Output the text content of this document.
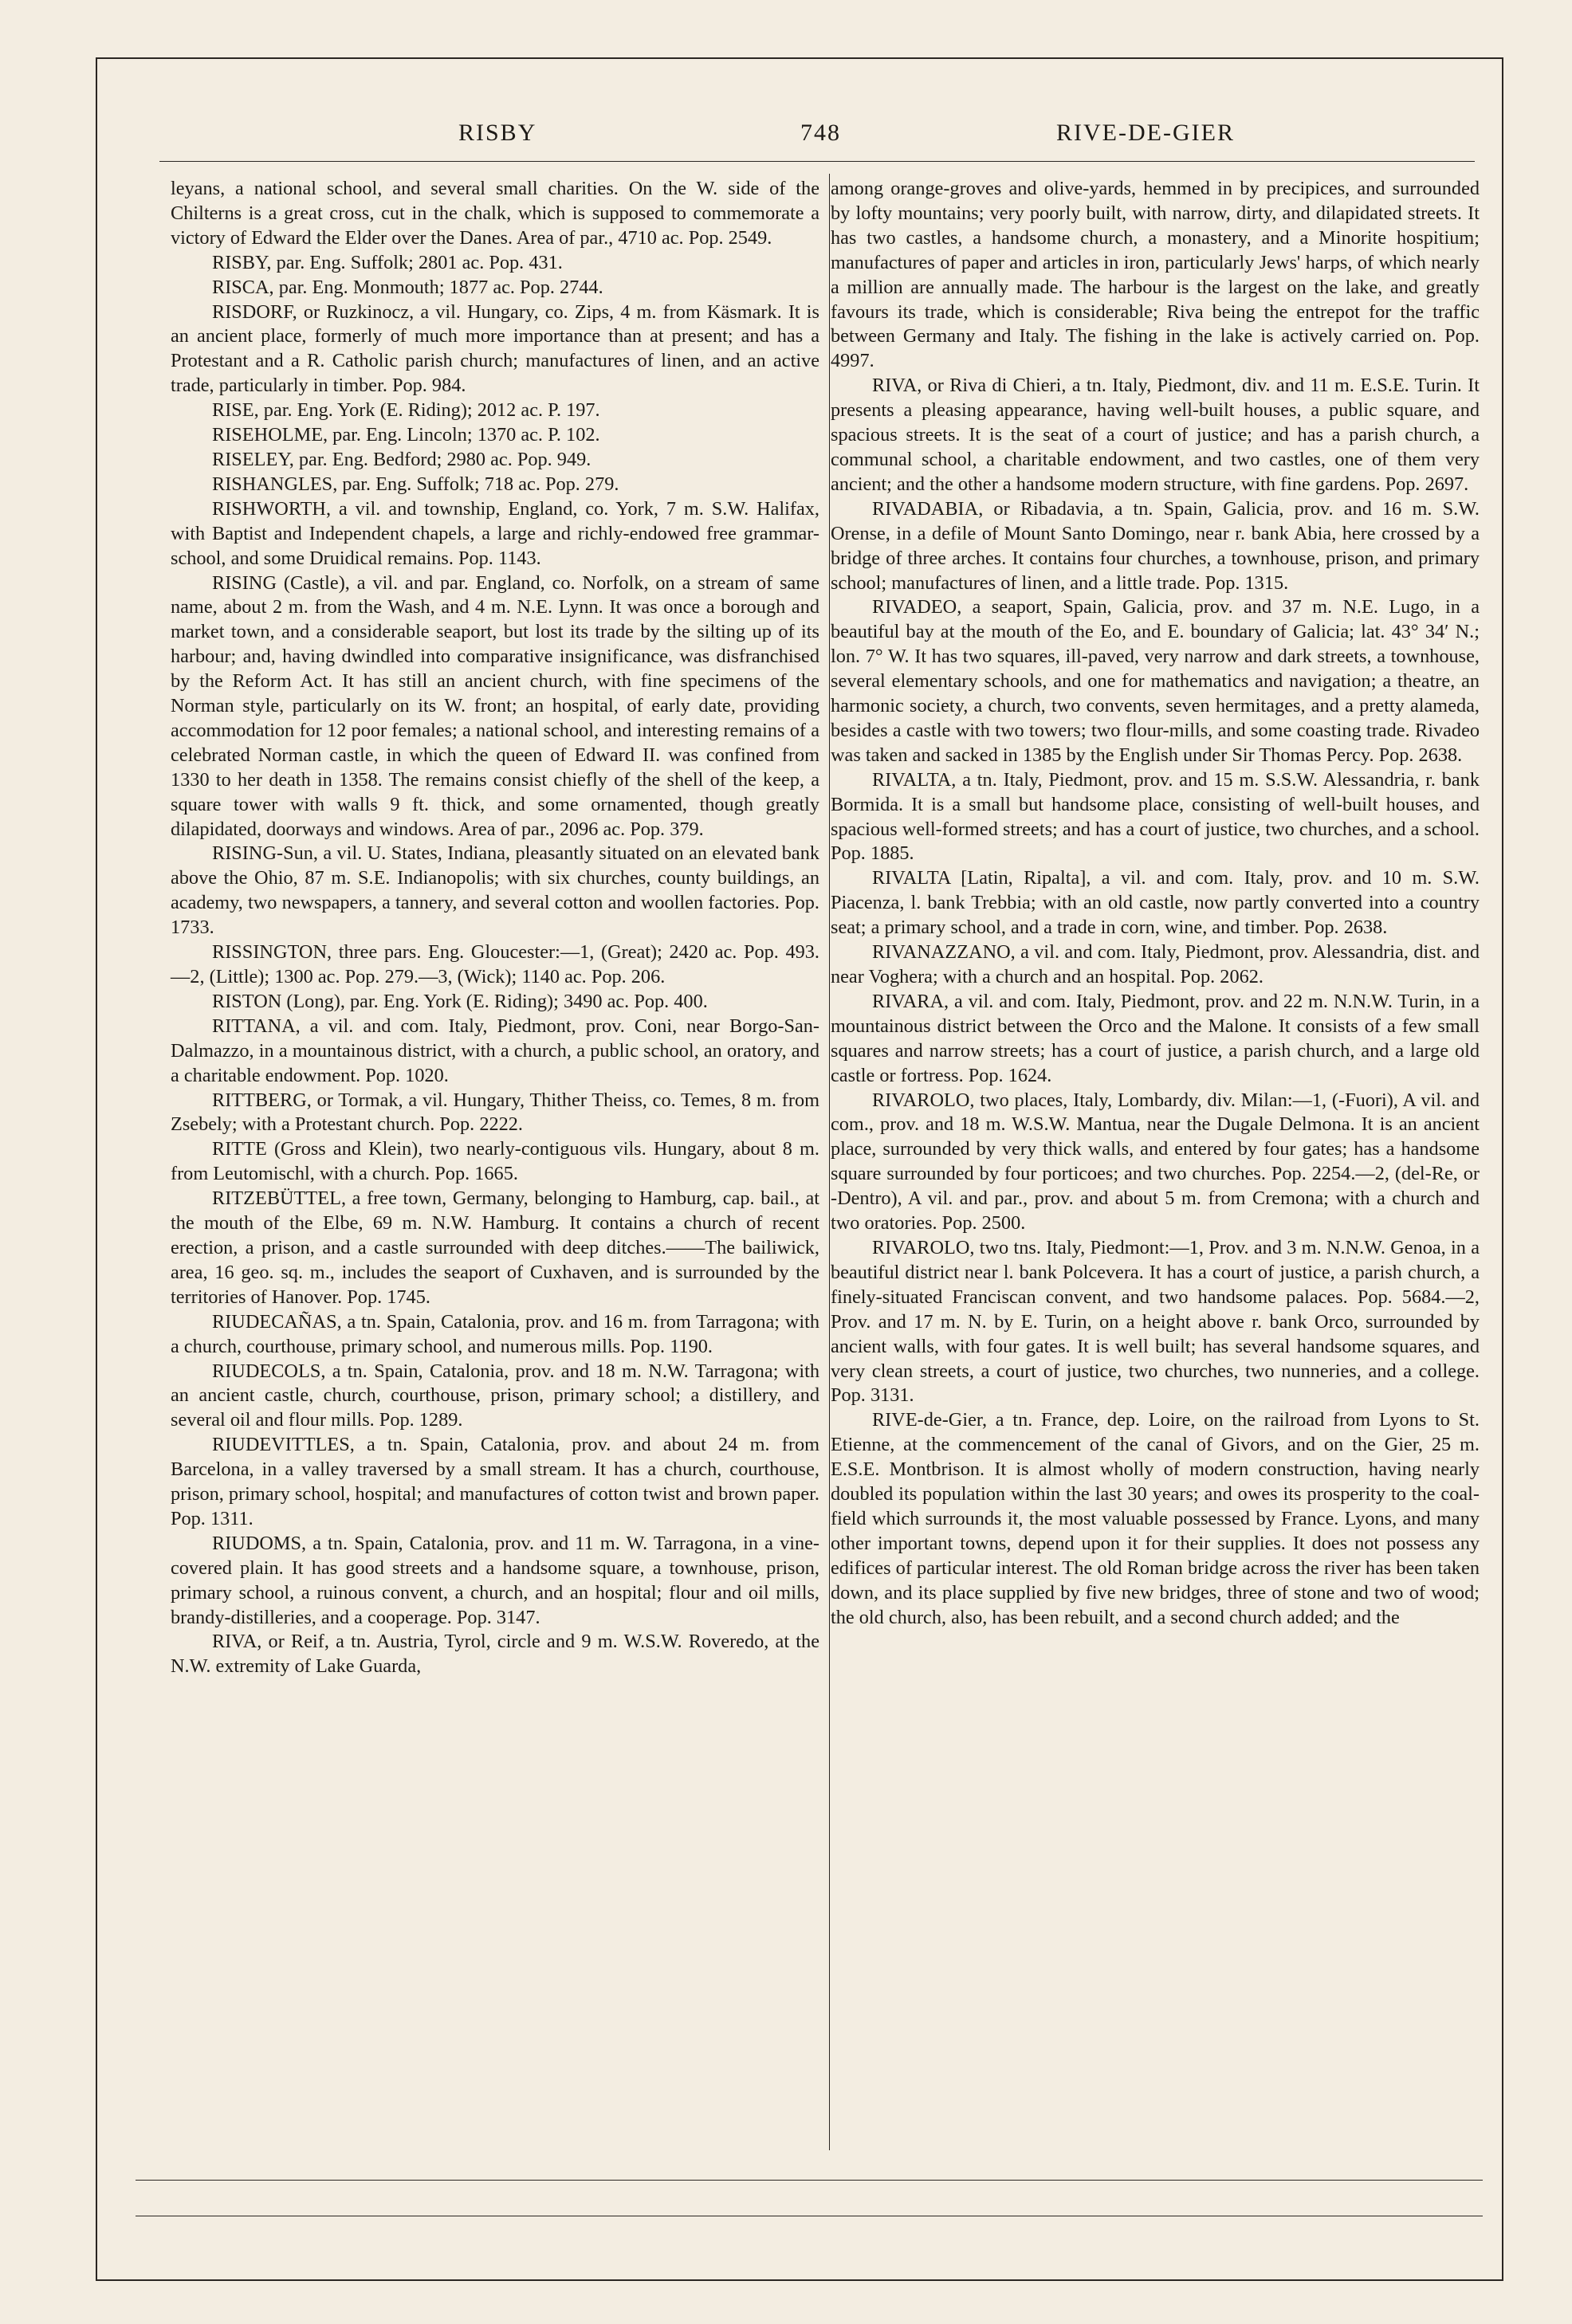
RISBY	748	RIVE-DE-GIER

leyans, a national school, and several small charities. On the W. side of the Chilterns is a great cross, cut in the chalk, which is supposed to commemorate a victory of Edward the Elder over the Danes. Area of par., 4710 ac. Pop. 2549.

RISBY, par. Eng. Suffolk; 2801 ac. Pop. 431.

RISCA, par. Eng. Monmouth; 1877 ac. Pop. 2744.

RISDORF, or Ruzkinocz, a vil. Hungary, co. Zips, 4 m. from Käsmark. It is an ancient place, formerly of much more importance than at present; and has a Protestant and a R. Catholic parish church; manufactures of linen, and an active trade, particularly in timber. Pop. 984.

RISE, par. Eng. York (E. Riding); 2012 ac. P. 197.

RISEHOLME, par. Eng. Lincoln; 1370 ac. P. 102.

RISELEY, par. Eng. Bedford; 2980 ac. Pop. 949.

RISHANGLES, par. Eng. Suffolk; 718 ac. Pop. 279.

RISHWORTH, a vil. and township, England, co. York, 7 m. S.W. Halifax, with Baptist and Independent chapels, a large and richly-endowed free grammar-school, and some Druidical remains. Pop. 1143.

RISING (Castle), a vil. and par. England, co. Norfolk, on a stream of same name, about 2 m. from the Wash, and 4 m. N.E. Lynn. It was once a borough and market town, and a considerable seaport, but lost its trade by the silting up of its harbour; and, having dwindled into comparative insignificance, was disfranchised by the Reform Act. It has still an ancient church, with fine specimens of the Norman style, particularly on its W. front; an hospital, of early date, providing accommodation for 12 poor females; a national school, and interesting remains of a celebrated Norman castle, in which the queen of Edward II. was confined from 1330 to her death in 1358. The remains consist chiefly of the shell of the keep, a square tower with walls 9 ft. thick, and some ornamented, though greatly dilapidated, doorways and windows. Area of par., 2096 ac. Pop. 379.

RISING-Sun, a vil. U. States, Indiana, pleasantly situated on an elevated bank above the Ohio, 87 m. S.E. Indianopolis; with six churches, county buildings, an academy, two newspapers, a tannery, and several cotton and woollen factories. Pop. 1733.

RISSINGTON, three pars. Eng. Gloucester:—1, (Great); 2420 ac. Pop. 493.—2, (Little); 1300 ac. Pop. 279.—3, (Wick); 1140 ac. Pop. 206.

RISTON (Long), par. Eng. York (E. Riding); 3490 ac. Pop. 400.

RITTANA, a vil. and com. Italy, Piedmont, prov. Coni, near Borgo-San-Dalmazzo, in a mountainous district, with a church, a public school, an oratory, and a charitable endowment. Pop. 1020.

RITTBERG, or Tormak, a vil. Hungary, Thither Theiss, co. Temes, 8 m. from Zsebely; with a Protestant church. Pop. 2222.

RITTE (Gross and Klein), two nearly-contiguous vils. Hungary, about 8 m. from Leutomischl, with a church. Pop. 1665.

RITZEBÜTTEL, a free town, Germany, belonging to Hamburg, cap. bail., at the mouth of the Elbe, 69 m. N.W. Hamburg. It contains a church of recent erection, a prison, and a castle surrounded with deep ditches.——The bailiwick, area, 16 geo. sq. m., includes the seaport of Cuxhaven, and is surrounded by the territories of Hanover. Pop. 1745.

RIUDECAÑAS, a tn. Spain, Catalonia, prov. and 16 m. from Tarragona; with a church, courthouse, primary school, and numerous mills. Pop. 1190.

RIUDECOLS, a tn. Spain, Catalonia, prov. and 18 m. N.W. Tarragona; with an ancient castle, church, courthouse, prison, primary school; a distillery, and several oil and flour mills. Pop. 1289.

RIUDEVITTLES, a tn. Spain, Catalonia, prov. and about 24 m. from Barcelona, in a valley traversed by a small stream. It has a church, courthouse, prison, primary school, hospital; and manufactures of cotton twist and brown paper. Pop. 1311.

RIUDOMS, a tn. Spain, Catalonia, prov. and 11 m. W. Tarragona, in a vine-covered plain. It has good streets and a handsome square, a townhouse, prison, primary school, a ruinous convent, a church, and an hospital; flour and oil mills, brandy-distilleries, and a cooperage. Pop. 3147.

RIVA, or Reif, a tn. Austria, Tyrol, circle and 9 m. W.S.W. Roveredo, at the N.W. extremity of Lake Guarda,

among orange-groves and olive-yards, hemmed in by precipices, and surrounded by lofty mountains; very poorly built, with narrow, dirty, and dilapidated streets. It has two castles, a handsome church, a monastery, and a Minorite hospitium; manufactures of paper and articles in iron, particularly Jews' harps, of which nearly a million are annually made. The harbour is the largest on the lake, and greatly favours its trade, which is considerable; Riva being the entrepot for the traffic between Germany and Italy. The fishing in the lake is actively carried on. Pop. 4997.

RIVA, or Riva di Chieri, a tn. Italy, Piedmont, div. and 11 m. E.S.E. Turin. It presents a pleasing appearance, having well-built houses, a public square, and spacious streets. It is the seat of a court of justice; and has a parish church, a communal school, a charitable endowment, and two castles, one of them very ancient; and the other a handsome modern structure, with fine gardens. Pop. 2697.

RIVADABIA, or Ribadavia, a tn. Spain, Galicia, prov. and 16 m. S.W. Orense, in a defile of Mount Santo Domingo, near r. bank Abia, here crossed by a bridge of three arches. It contains four churches, a townhouse, prison, and primary school; manufactures of linen, and a little trade. Pop. 1315.

RIVADEO, a seaport, Spain, Galicia, prov. and 37 m. N.E. Lugo, in a beautiful bay at the mouth of the Eo, and E. boundary of Galicia; lat. 43° 34′ N.; lon. 7° W. It has two squares, ill-paved, very narrow and dark streets, a townhouse, several elementary schools, and one for mathematics and navigation; a theatre, an harmonic society, a church, two convents, seven hermitages, and a pretty alameda, besides a castle with two towers; two flour-mills, and some coasting trade. Rivadeo was taken and sacked in 1385 by the English under Sir Thomas Percy. Pop. 2638.

RIVALTA, a tn. Italy, Piedmont, prov. and 15 m. S.S.W. Alessandria, r. bank Bormida. It is a small but handsome place, consisting of well-built houses, and spacious well-formed streets; and has a court of justice, two churches, and a school. Pop. 1885.

RIVALTA [Latin, Ripalta], a vil. and com. Italy, prov. and 10 m. S.W. Piacenza, l. bank Trebbia; with an old castle, now partly converted into a country seat; a primary school, and a trade in corn, wine, and timber. Pop. 2638.

RIVANAZZANO, a vil. and com. Italy, Piedmont, prov. Alessandria, dist. and near Voghera; with a church and an hospital. Pop. 2062.

RIVARA, a vil. and com. Italy, Piedmont, prov. and 22 m. N.N.W. Turin, in a mountainous district between the Orco and the Malone. It consists of a few small squares and narrow streets; has a court of justice, a parish church, and a large old castle or fortress. Pop. 1624.

RIVAROLO, two places, Italy, Lombardy, div. Milan:—1, (-Fuori), A vil. and com., prov. and 18 m. W.S.W. Mantua, near the Dugale Delmona. It is an ancient place, surrounded by very thick walls, and entered by four gates; has a handsome square surrounded by four porticoes; and two churches. Pop. 2254.—2, (del-Re, or -Dentro), A vil. and par., prov. and about 5 m. from Cremona; with a church and two oratories. Pop. 2500.

RIVAROLO, two tns. Italy, Piedmont:—1, Prov. and 3 m. N.N.W. Genoa, in a beautiful district near l. bank Polcevera. It has a court of justice, a parish church, a finely-situated Franciscan convent, and two handsome palaces. Pop. 5684.—2, Prov. and 17 m. N. by E. Turin, on a height above r. bank Orco, surrounded by ancient walls, with four gates. It is well built; has several handsome squares, and very clean streets, a court of justice, two churches, two nunneries, and a college. Pop. 3131.

RIVE-de-Gier, a tn. France, dep. Loire, on the railroad from Lyons to St. Etienne, at the commencement of the canal of Givors, and on the Gier, 25 m. E.S.E. Montbrison. It is almost wholly of modern construction, having nearly doubled its population within the last 30 years; and owes its prosperity to the coal-field which surrounds it, the most valuable possessed by France. Lyons, and many other important towns, depend upon it for their supplies. It does not possess any edifices of particular interest. The old Roman bridge across the river has been taken down, and its place supplied by five new bridges, three of stone and two of wood; the old church, also, has been rebuilt, and a second church added; and the
